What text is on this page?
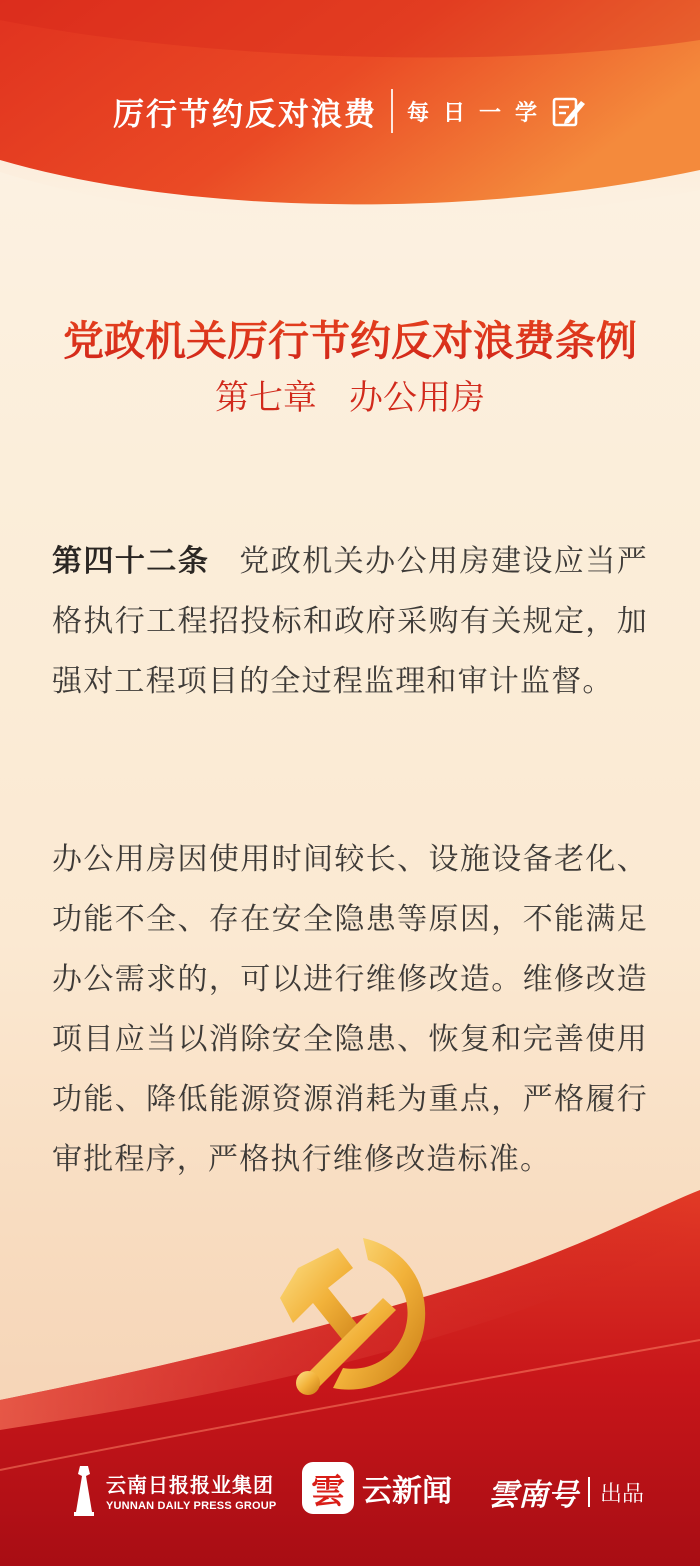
厉行节约反对浪费 每日一学
党政机关厉行节约反对浪费条例
第七章 办公用房
第四十二条 党政机关办公用房建设应当严格执行工程招投标和政府采购有关规定，加强对工程项目的全过程监理和审计监督。
办公用房因使用时间较长、设施设备老化、功能不全、存在安全隐患等原因，不能满足办公需求的，可以进行维修改造。维修改造项目应当以消除安全隐患、恢复和完善使用功能、降低能源资源消耗为重点，严格履行审批程序，严格执行维修改造标准。
云南日报报业集团
YUNNAN DAILY PRESS GROUP 雲 云新闻 雲南号 出品
